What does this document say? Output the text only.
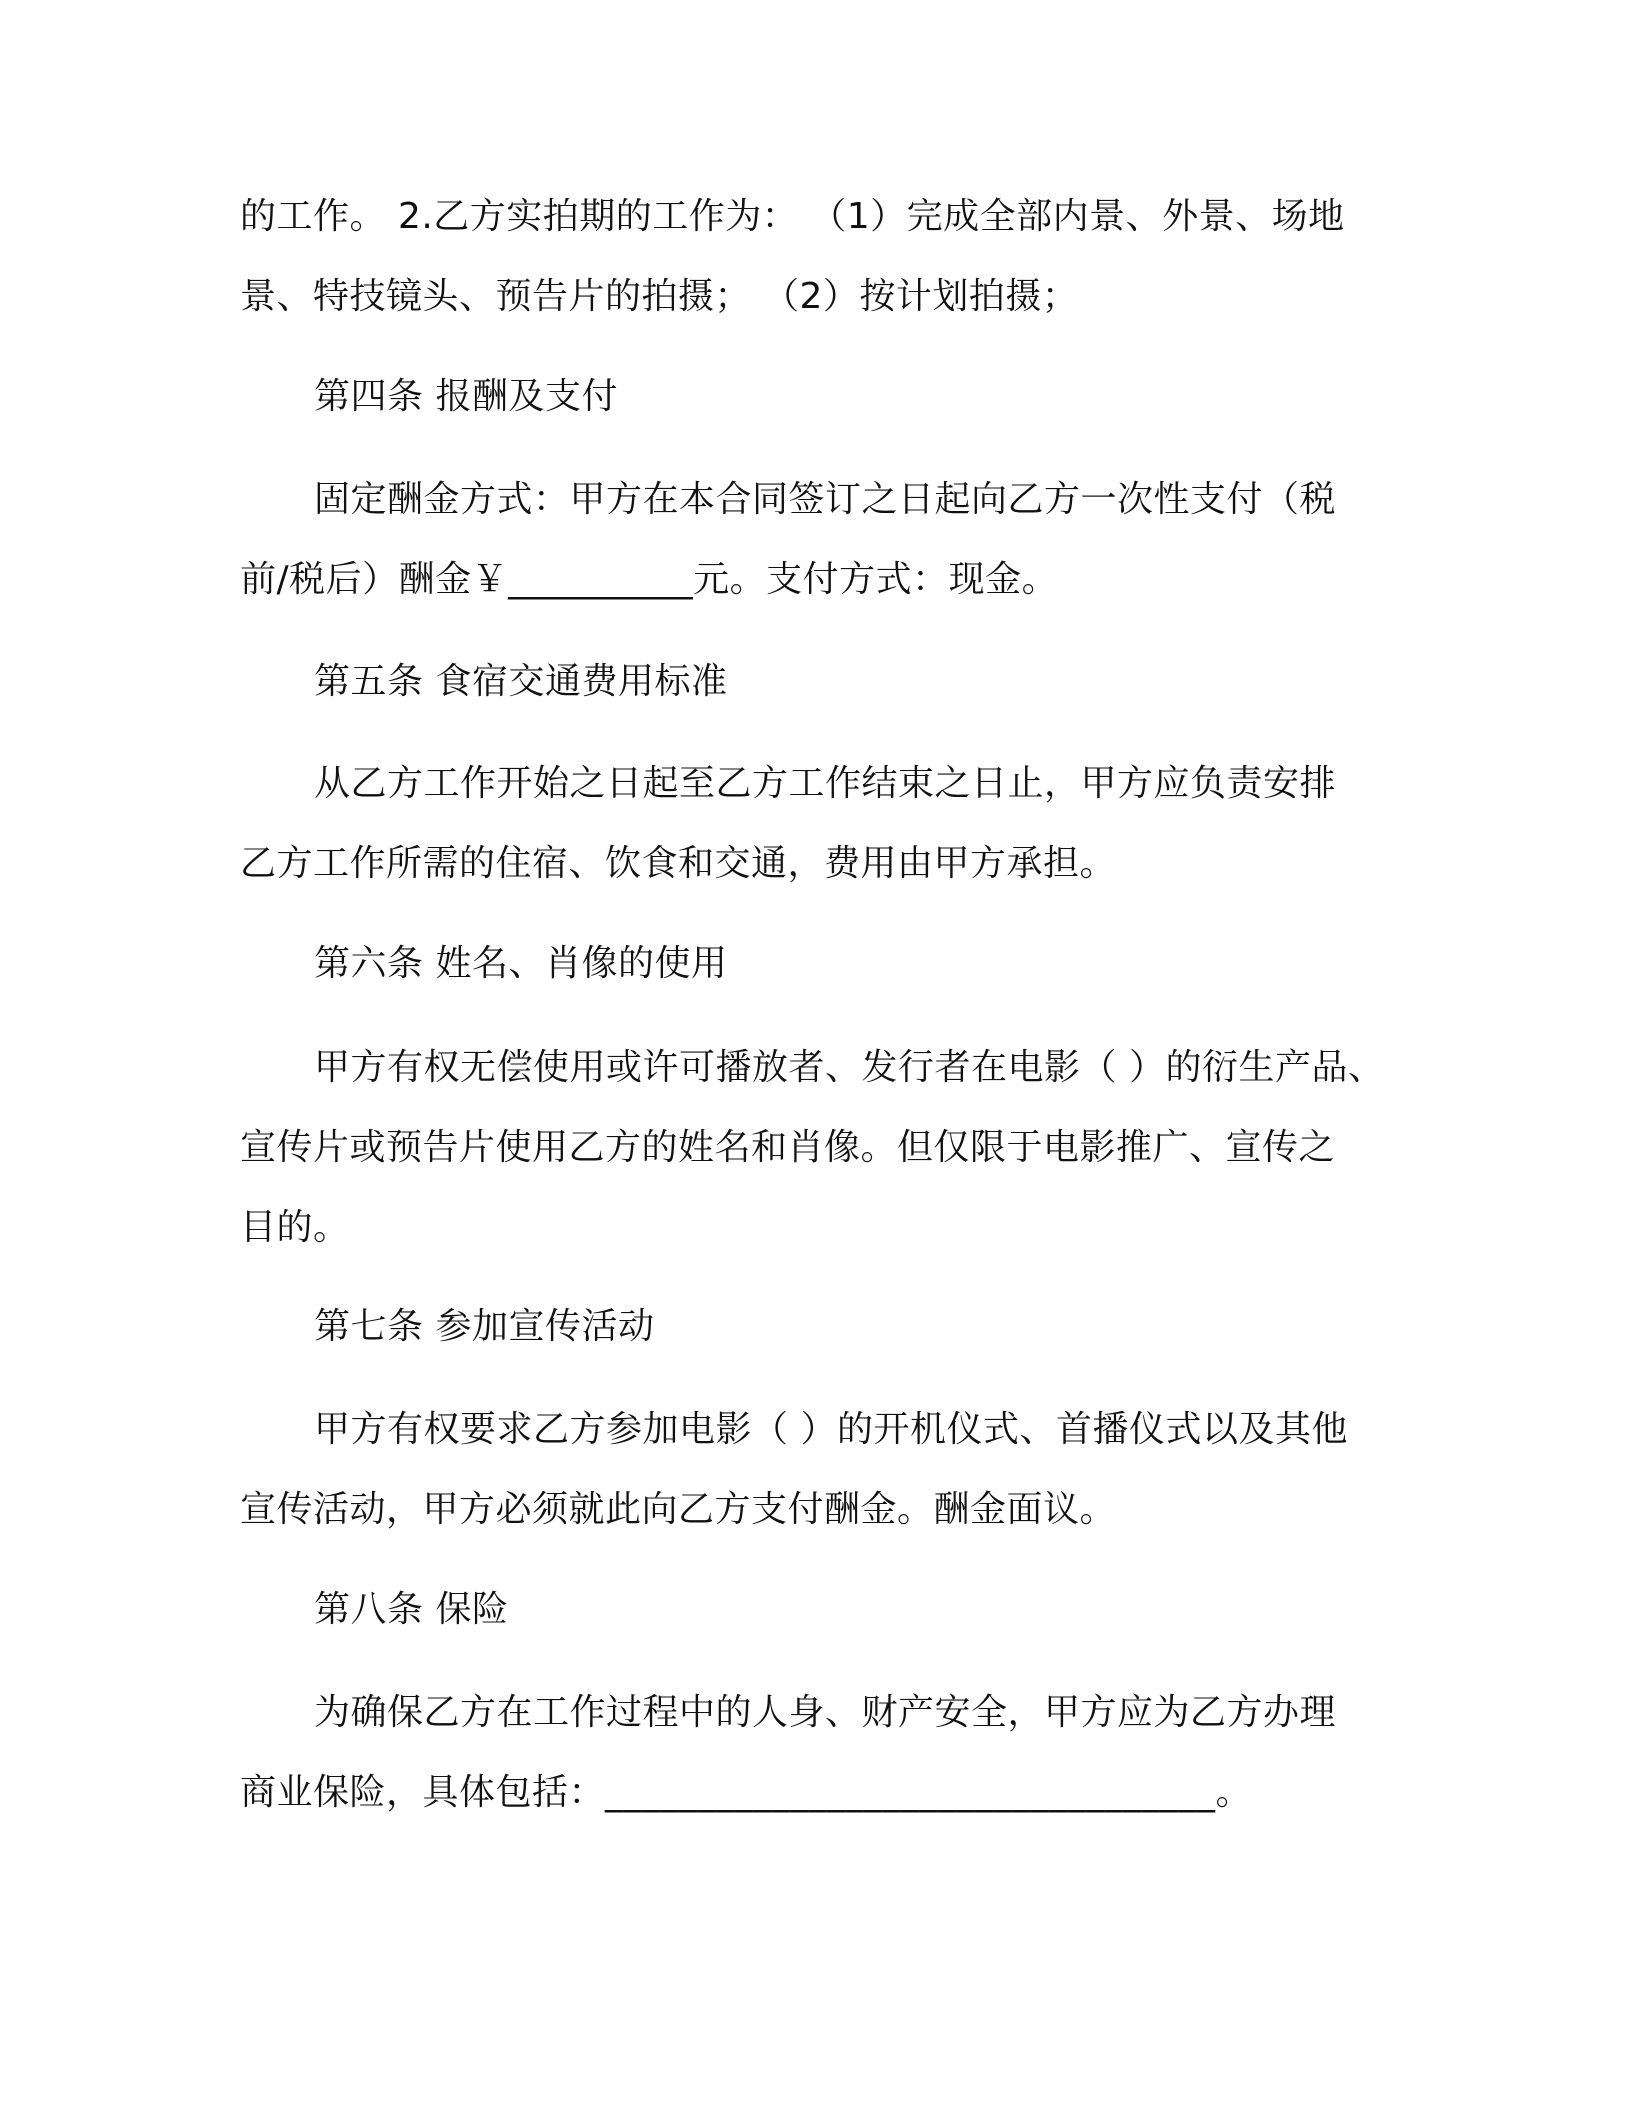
的工作。 2.乙方实拍期的工作为： （1）完成全部内景、外景、场地
景、特技镜头、预告片的拍摄； （2）按计划拍摄；
第四条 报酬及支付
固定酬金方式：甲方在本合同签订之日起向乙方一次性支付（税
前/税后）酬金￥__________元。支付方式：现金。
第五条 食宿交通费用标准
从乙方工作开始之日起至乙方工作结束之日止，甲方应负责安排
乙方工作所需的住宿、饮食和交通，费用由甲方承担。
第六条 姓名、肖像的使用
甲方有权无偿使用或许可播放者、发行者在电影（ ）的衍生产品、
宣传片或预告片使用乙方的姓名和肖像。但仅限于电影推广、宣传之
目的。
第七条 参加宣传活动
甲方有权要求乙方参加电影（ ）的开机仪式、首播仪式以及其他
宣传活动，甲方必须就此向乙方支付酬金。酬金面议。
第八条 保险
为确保乙方在工作过程中的人身、财产安全，甲方应为乙方办理
商业保险，具体包括：_________________________________。
